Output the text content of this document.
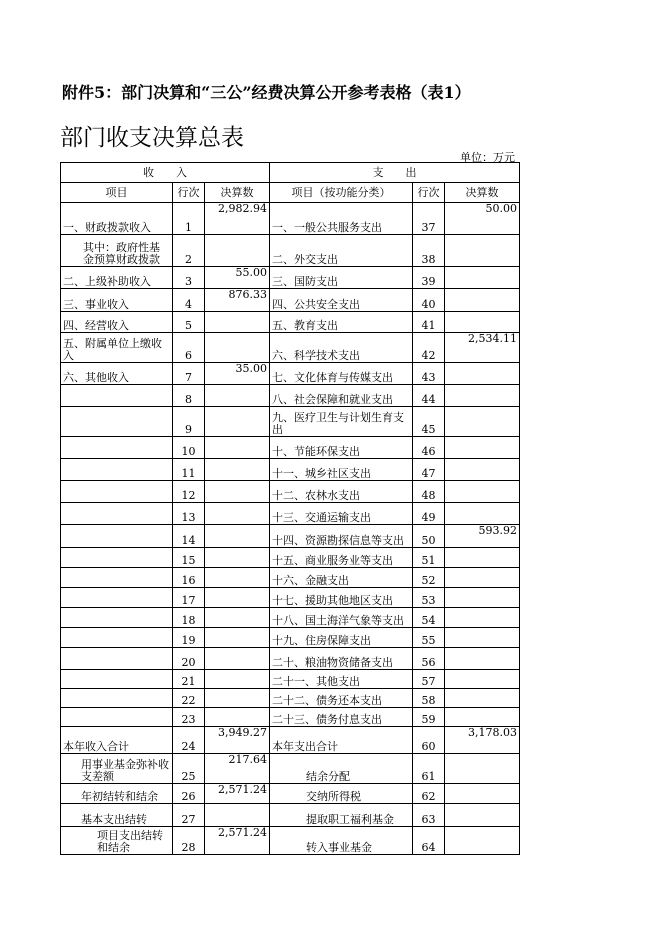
附件5：部门决算和“三公”经费决算公开参考表格（表1）
部门收支决算总表
单位：万元
收　　入			支　　出		
项目	行次	决算数	项目（按功能分类）	行次	决算数
一、财政拨款收入	1	2,982.94	一、一般公共服务支出	37	50.00
其中：政府性基金预算财政拨款	2		二、外交支出	38	
二、上级补助收入	3	55.00	三、国防支出	39	
三、事业收入	4	876.33	四、公共安全支出	40	
四、经营收入	5		五、教育支出	41	
五、附属单位上缴收入	6		六、科学技术支出	42	2,534.11
六、其他收入	7	35.00	七、文化体育与传媒支出	43	
	8		八、社会保障和就业支出	44	
	9		九、医疗卫生与计划生育支出	45	
	10		十、节能环保支出	46	
	11		十一、城乡社区支出	47	
	12		十二、农林水支出	48	
	13		十三、交通运输支出	49	
	14		十四、资源勘探信息等支出	50	593.92
	15		十五、商业服务业等支出	51	
	16		十六、金融支出	52	
	17		十七、援助其他地区支出	53	
	18		十八、国土海洋气象等支出	54	
	19		十九、住房保障支出	55	
	20		二十、粮油物资储备支出	56	
	21		二十一、其他支出	57	
	22		二十二、债务还本支出	58	
	23		二十三、债务付息支出	59	
本年收入合计	24	3,949.27	本年支出合计	60	3,178.03
用事业基金弥补收支差额	25	217.64	结余分配	61	
年初结转和结余	26	2,571.24	交纳所得税	62	
基本支出结转	27		提取职工福利基金	63	
项目支出结转和结余	28	2,571.24	转入事业基金	64	
